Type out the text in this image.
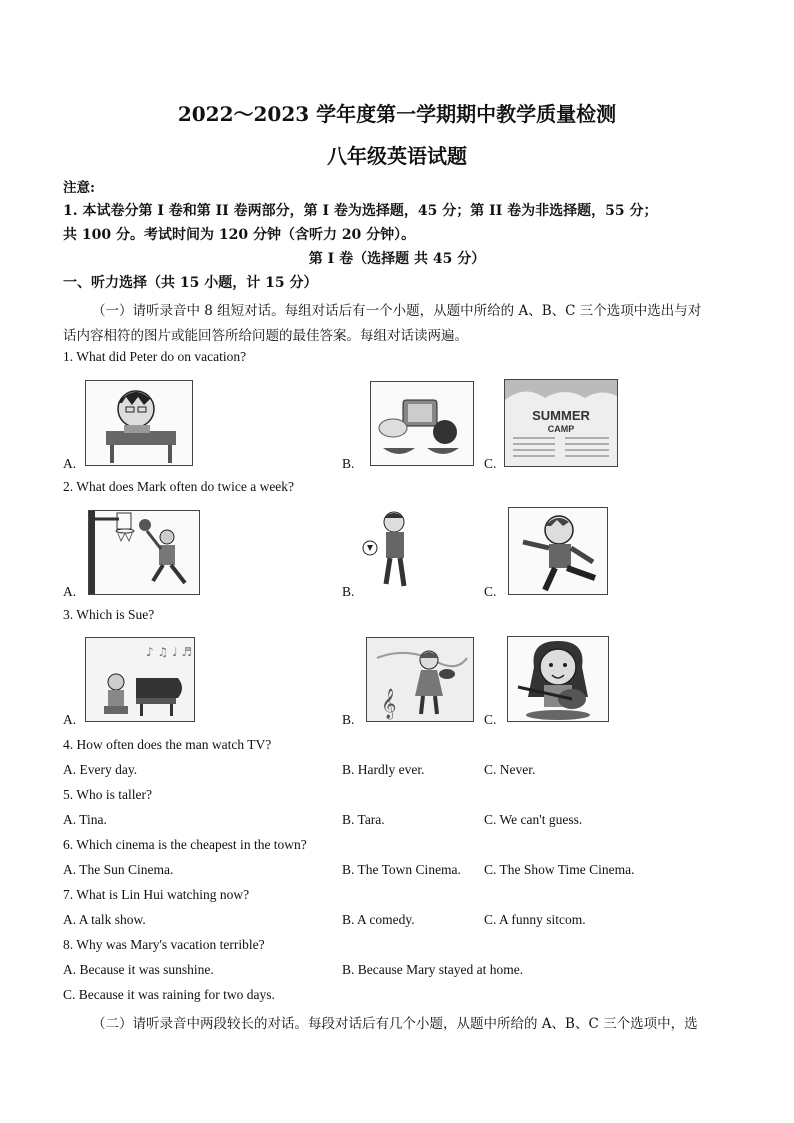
2022～2023 学年度第一学期期中教学质量检测
八年级英语试题
注意:
1. 本试卷分第 I 卷和第 II 卷两部分，第 I 卷为选择题，45 分；第 II 卷为非选择题，55 分；
共 100 分。考试时间为 120 分钟（含听力 20 分钟）。
第 I 卷（选择题 共 45 分）
一、听力选择（共 15 小题，计 15 分）
（一）请听录音中 8 组短对话。每组对话后有一个小题，从题中所给的 A、B、C 三个选项中选出与对
话内容相符的图片或能回答所给问题的最佳答案。每组对话读两遍。
1. What did Peter do on vacation?
A.	B.	C.
SUMMER
CAMP
2. What does Mark often do twice a week?
A.	B.	C.
3. Which is Sue?
A.
♪ ♫ ♩ ♬
B.
𝄞
C.
4. How often does the man watch TV?
A. Every day.	B. Hardly ever.	C. Never.
5. Who is taller?
A. Tina.	B. Tara.	C. We can't guess.
6. Which cinema is the cheapest in the town?
A. The Sun Cinema.	B. The Town Cinema. C. The Show Time Cinema.
7. What is Lin Hui watching now?
A. A talk show.	B. A comedy.	C. A funny sitcom.
8. Why was Mary's vacation terrible?
A. Because it was sunshine.	B. Because Mary stayed at home.
C. Because it was raining for two days.
（二）请听录音中两段较长的对话。每段对话后有几个小题，从题中所给的 A、B、C 三个选项中，选
